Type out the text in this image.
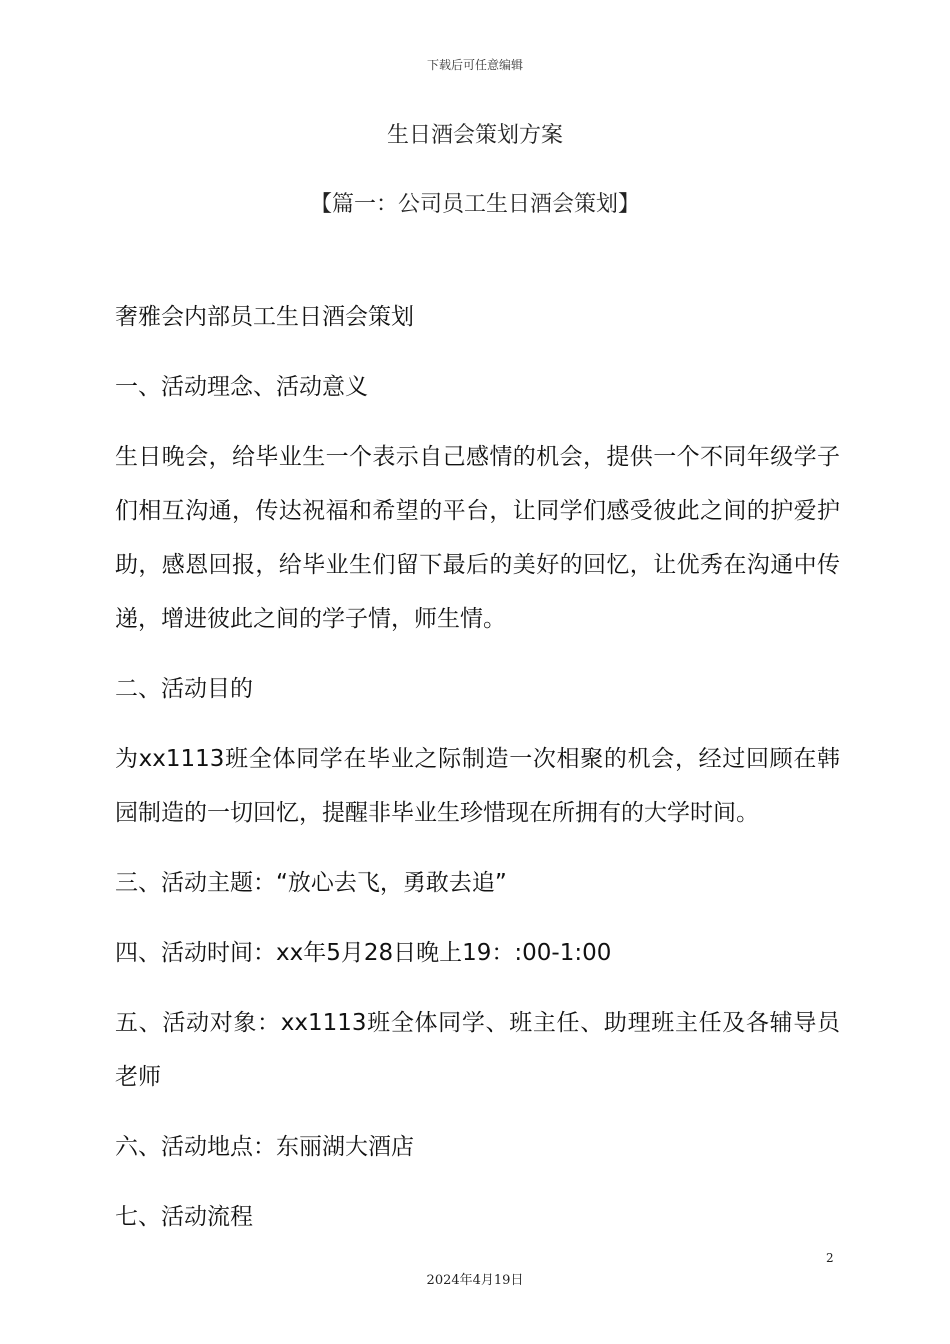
下载后可任意编辑
生日酒会策划方案
【篇一：公司员工生日酒会策划】

奢雅会内部员工生日酒会策划

一、活动理念、活动意义

生日晚会，给毕业生一个表示自己感情的机会，提供一个不同年级学子们相互沟通，传达祝福和希望的平台，让同学们感受彼此之间的护爱护助，感恩回报，给毕业生们留下最后的美好的回忆，让优秀在沟通中传递，增进彼此之间的学子情，师生情。

二、活动目的

为xx1113班全体同学在毕业之际制造一次相聚的机会，经过回顾在韩园制造的一切回忆，提醒非毕业生珍惜现在所拥有的大学时间。

三、活动主题：“放心去飞，勇敢去追”

四、活动时间：xx年5月28日晚上19：:00-1:00

五、活动对象：xx1113班全体同学、班主任、助理班主任及各辅导员老师

六、活动地点：东丽湖大酒店

七、活动流程

2
2024年4月19日
